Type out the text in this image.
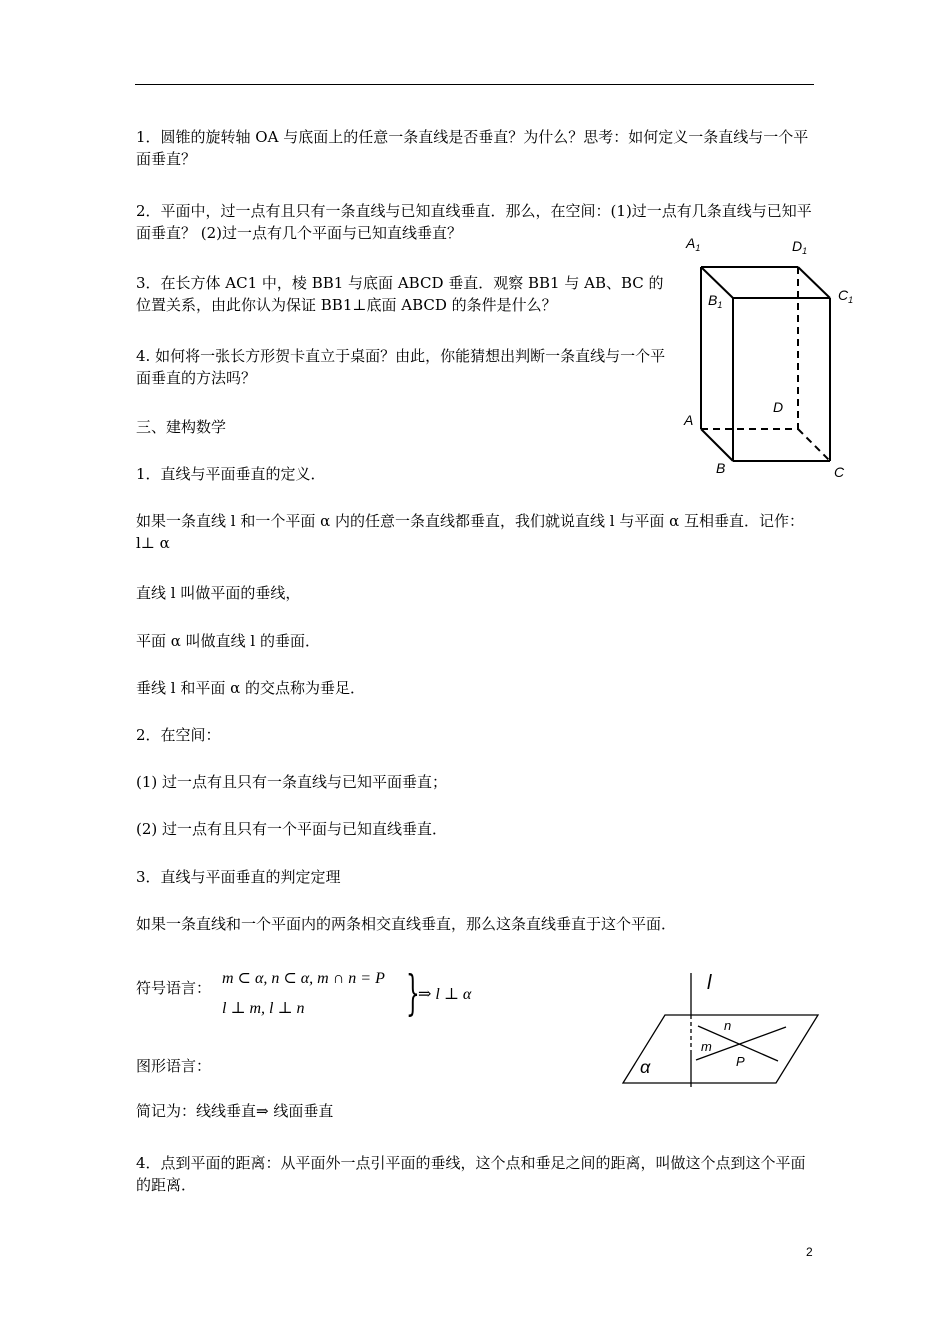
1．圆锥的旋转轴 OA 与底面上的任意一条直线是否垂直？为什么？思考：如何定义一条直线与一个平面垂直？

2．平面中，过一点有且只有一条直线与已知直线垂直．那么，在空间：(1)过一点有几条直线与已知平面垂直？ (2)过一点有几个平面与已知直线垂直？

3．在长方体 AC1 中，棱 BB1 与底面 ABCD 垂直．观察 BB1 与 AB、BC 的位置关系，由此你认为保证 BB1⊥底面 ABCD 的条件是什么？

4. 如何将一张长方形贺卡直立于桌面？由此，你能猜想出判断一条直线与一个平面垂直的方法吗？

三、建构数学

1．直线与平面垂直的定义．

如果一条直线 l 和一个平面 α 内的任意一条直线都垂直，我们就说直线 l 与平面 α 互相垂直．记作：l⊥ α

直线 l 叫做平面的垂线，

平面 α 叫做直线 l 的垂面．

垂线 l 和平面 α 的交点称为垂足．

2．在空间：

(1) 过一点有且只有一条直线与已知平面垂直；

(2) 过一点有且只有一个平面与已知直线垂直．

3．直线与平面垂直的判定定理

如果一条直线和一个平面内的两条相交直线垂直，那么这条直线垂直于这个平面．

符号语言：
m ⊂ α, n ⊂ α, m ∩ n = P
l ⊥ m, l ⊥ n }
⇒ l ⊥ α

图形语言：

简记为：线线垂直⇒ 线面垂直

4．点到平面的距离：从平面外一点引平面的垂线，这个点和垂足之间的距离，叫做这个点到这个平面的距离．

2
$A_1$	$D_1$
$C_1$
$B_1$
A
B	C
D
l
n
m
P
α
